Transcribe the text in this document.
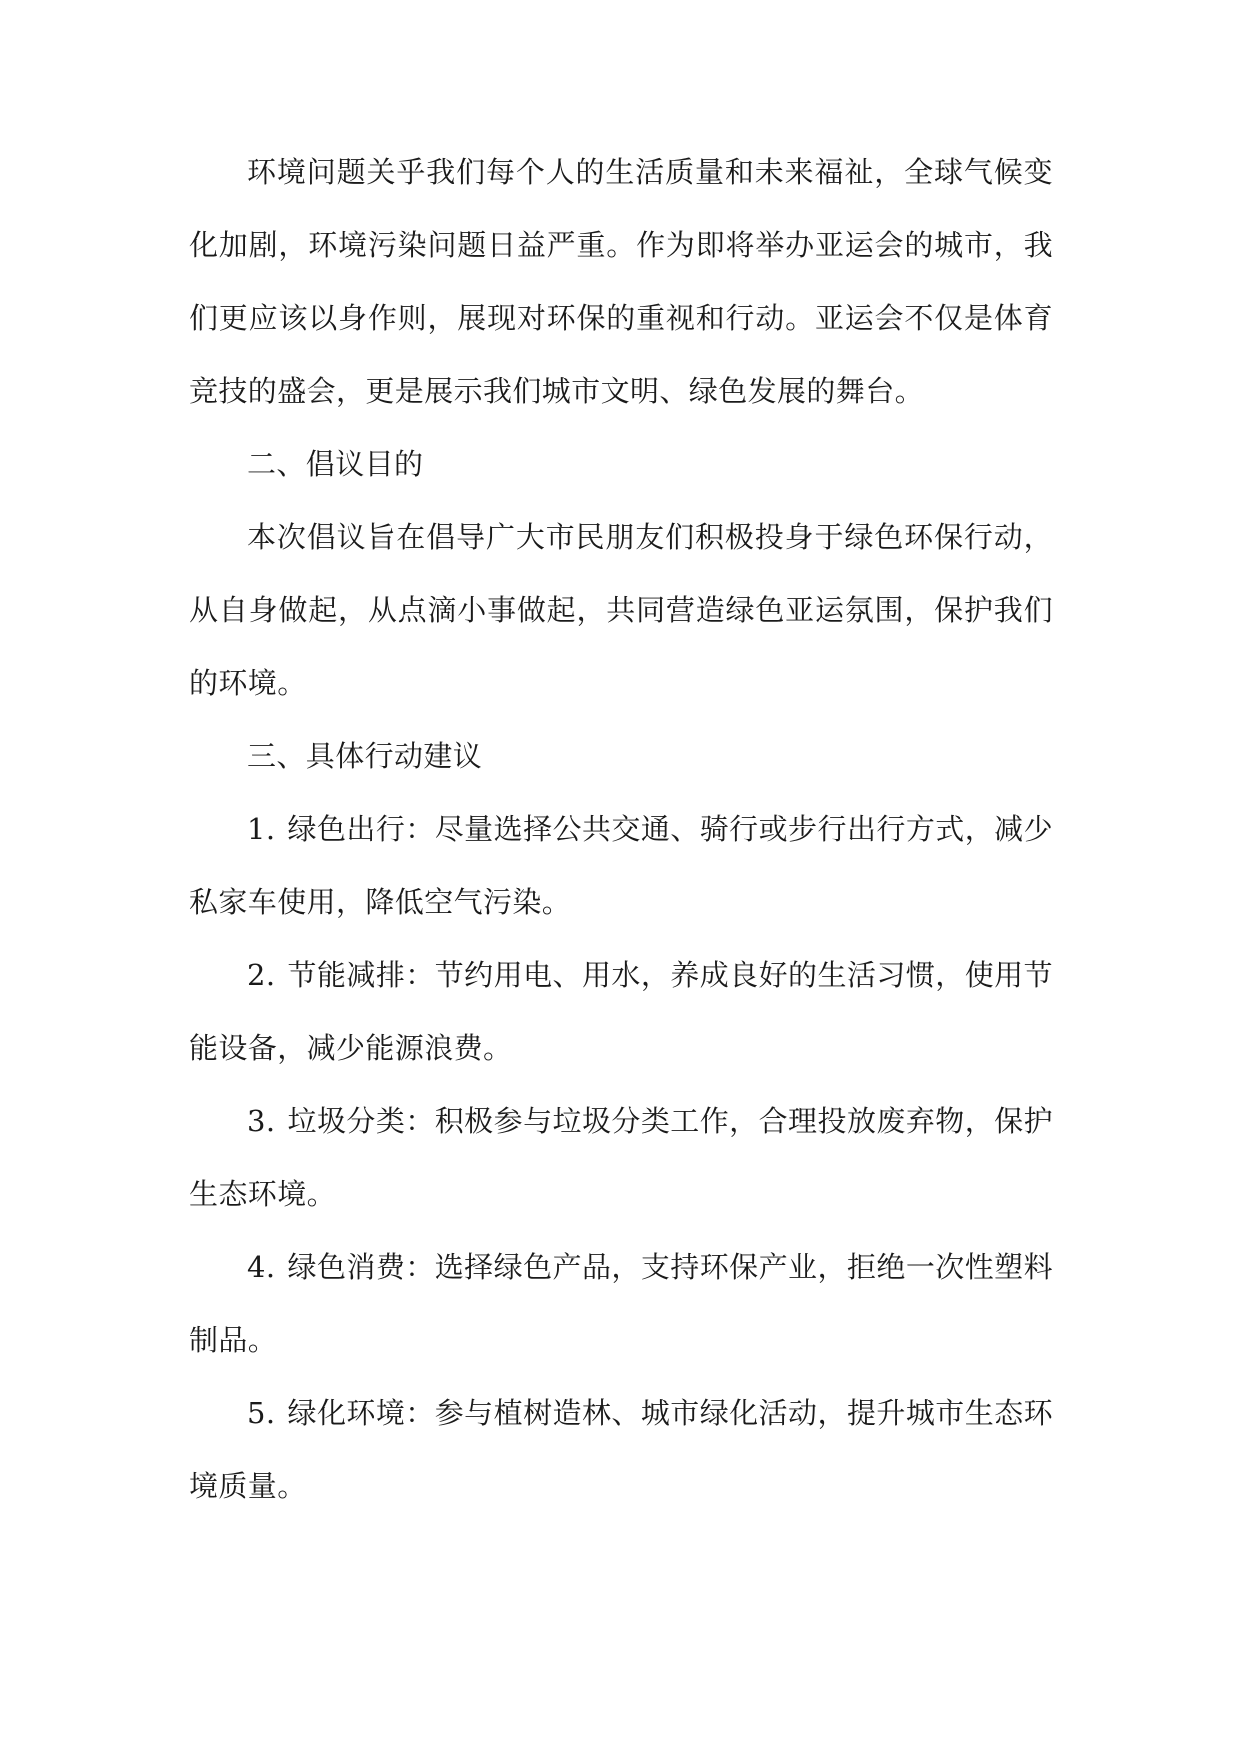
环境问题关乎我们每个人的生活质量和未来福祉，全球气候变化加剧，环境污染问题日益严重。作为即将举办亚运会的城市，我们更应该以身作则，展现对环保的重视和行动。亚运会不仅是体育竞技的盛会，更是展示我们城市文明、绿色发展的舞台。

二、倡议目的

本次倡议旨在倡导广大市民朋友们积极投身于绿色环保行动，从自身做起，从点滴小事做起，共同营造绿色亚运氛围，保护我们的环境。

三、具体行动建议

1. 绿色出行：尽量选择公共交通、骑行或步行出行方式，减少私家车使用，降低空气污染。

2. 节能减排：节约用电、用水，养成良好的生活习惯，使用节能设备，减少能源浪费。

3. 垃圾分类：积极参与垃圾分类工作，合理投放废弃物，保护生态环境。

4. 绿色消费：选择绿色产品，支持环保产业，拒绝一次性塑料制品。

5. 绿化环境：参与植树造林、城市绿化活动，提升城市生态环境质量。
